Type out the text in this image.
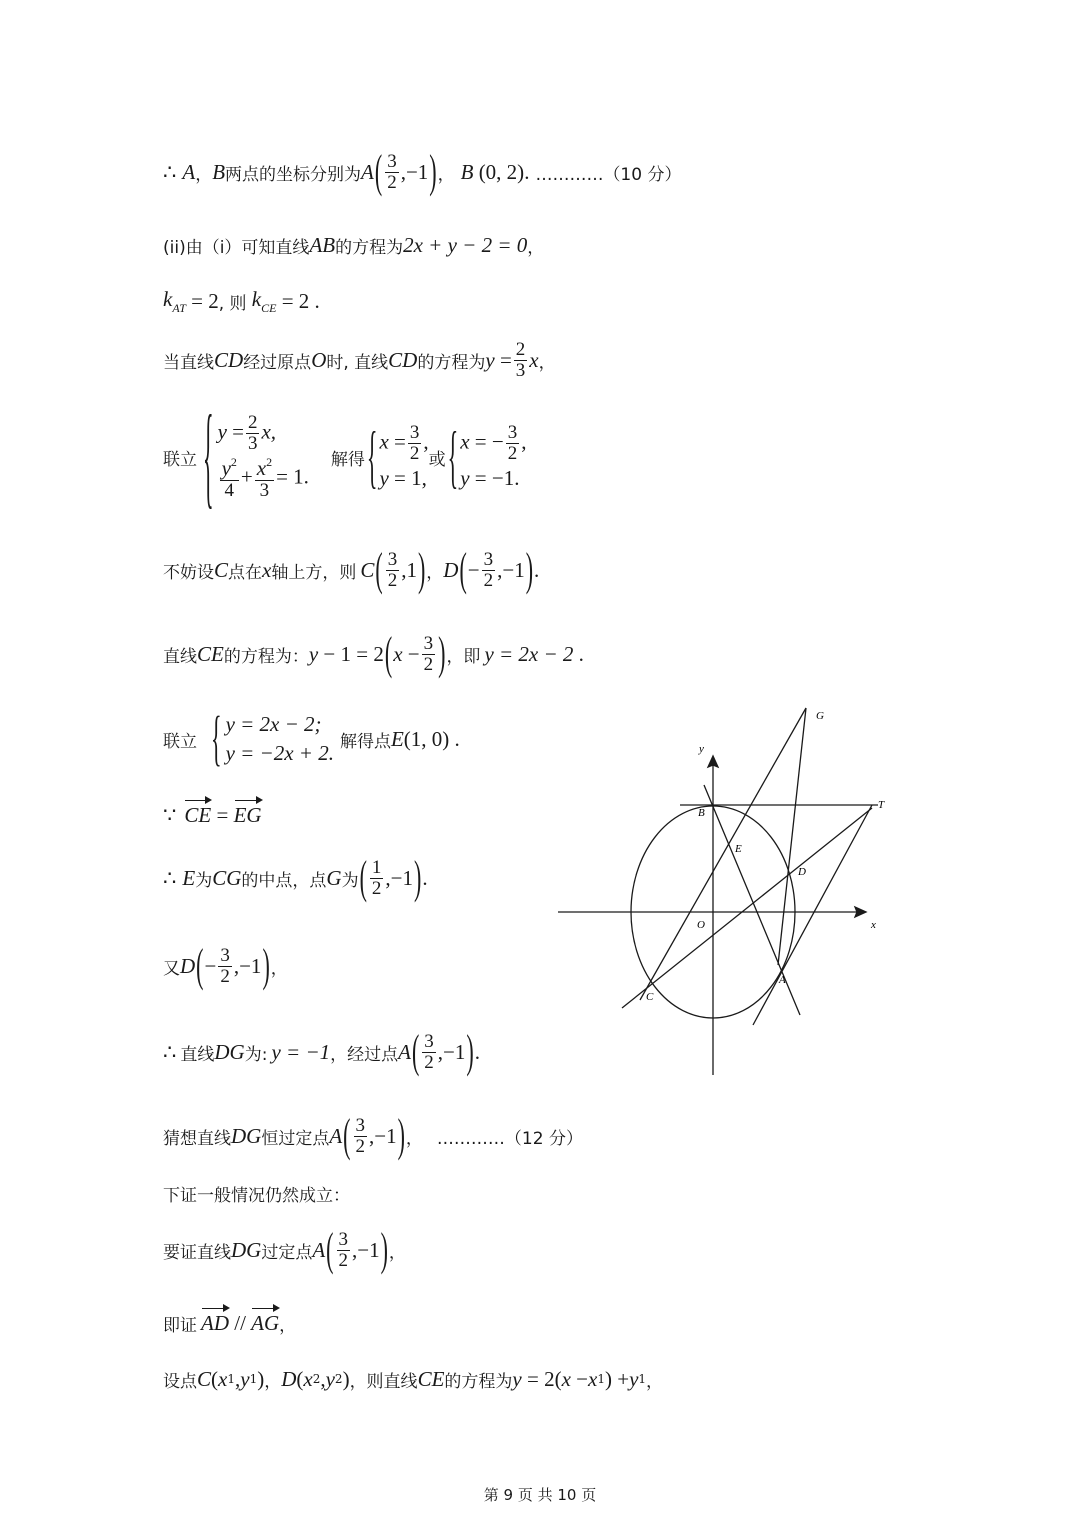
∴ A ， B 两点的坐标分别为 A ( $\frac{3}{2} ,-1$ ) ， B (0, 2) . …………（10 分）
(ii)由（i）可知直线 AB 的方程为 2x + y − 2 = 0 ，
$k_{AT} = 2$ , 则 $k_{CE} = 2$ .
当直线 CD 经过原点 O 时, 直线 CD 的方程为 $y = \frac{2}{3}$ x ，
联立 { $y = \frac{2}{3} x$,
$\frac{y^2}{4} + \frac{x^2}{3} = 1$.
解得 { $x = \frac{3}{2}$ ,
y = 1,
或 { x = − $\frac{3}{2}$ ,
y = −1.
不妨设 C 点在 x 轴上方，则 C ( $\frac{3}{2} ,1$ ) ， D ( − $\frac{3}{2} ,-1$ ) .
直线 CE 的方程为： y − 1 = 2 ( $x - \frac{3}{2}$ ) ，即 y = 2x − 2 .
联立 { y = 2x − 2;
y = −2x + 2. 解得点 E (1, 0) .
∵ CE = EG
∴ E 为 CG 的中点，点 G 为 ( $\frac{1}{2} ,-1$ ) .
又 D ( − $\frac{3}{2} ,-1$ ) ，
∴ 直线 DG 为: y = −1 ，经过点 A ( $\frac{3}{2} ,-1$ ) .
猜想直线 DG 恒过定点 A ( $\frac{3}{2} ,-1$ ) ， …………（12 分）
下证一般情况仍然成立：
要证直线 DG 过定点 A ( $\frac{3}{2} ,-1$ ) ，
即证 AD // AG ，
设点 C ( x 1 , y 1 ) ， D ( x 2 , y 2 ) ，则直线 CE 的方程为 y = 2( x − x 1 ) + y 1 ，
G
y
T
B
E
D
O	x
A
C
第 9 页 共 10 页
